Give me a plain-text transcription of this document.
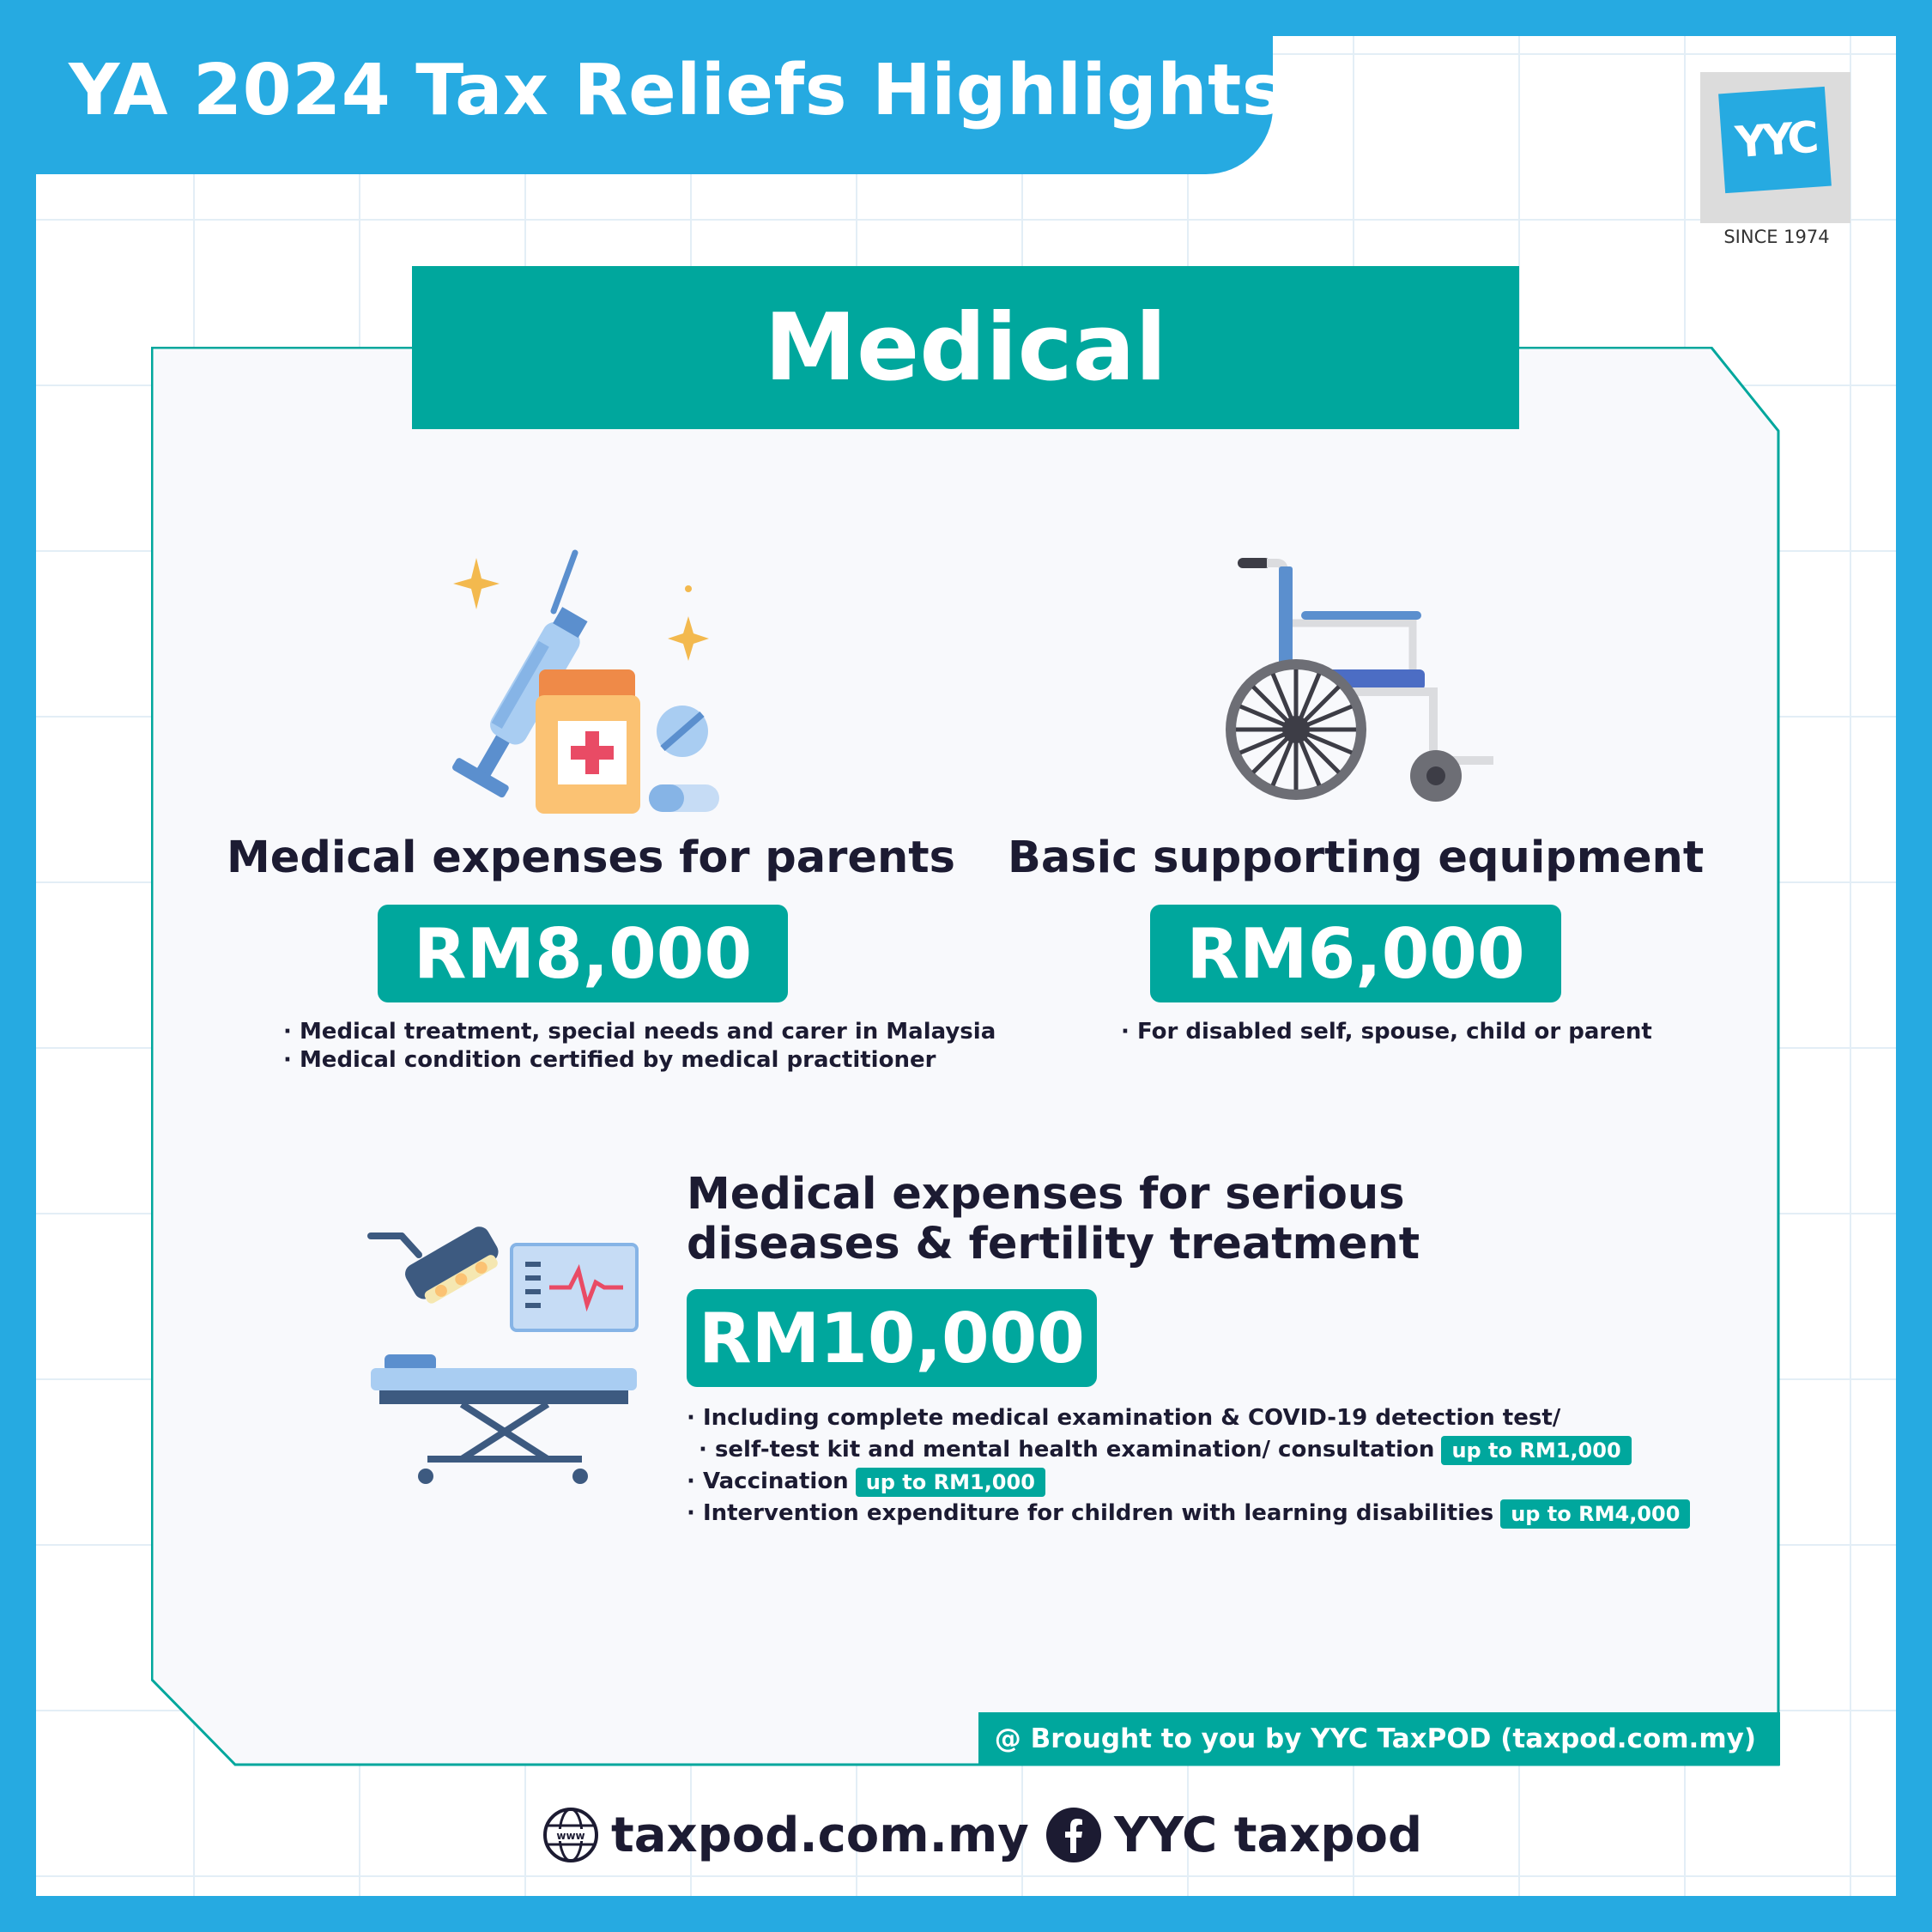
YA 2024 Tax Reliefs Highlights
YYC
SINCE 1974
Medical
Medical expenses for parents
RM8,000
· Medical treatment, special needs and carer in Malaysia
· Medical condition certified by medical practitioner
Basic supporting equipment
RM6,000
· For disabled self, spouse, child or parent
Medical expenses for serious
diseases & fertility treatment
RM10,000
· Including complete medical examination & COVID-19 detection test/
· self-test kit and mental health examination/ consultation up to RM1,000
· Vaccination up to RM1,000
· Intervention expenditure for children with learning disabilities up to RM4,000
@ Brought to you by YYC TaxPOD (taxpod.com.my)
www taxpod.com.my YYC taxpod
